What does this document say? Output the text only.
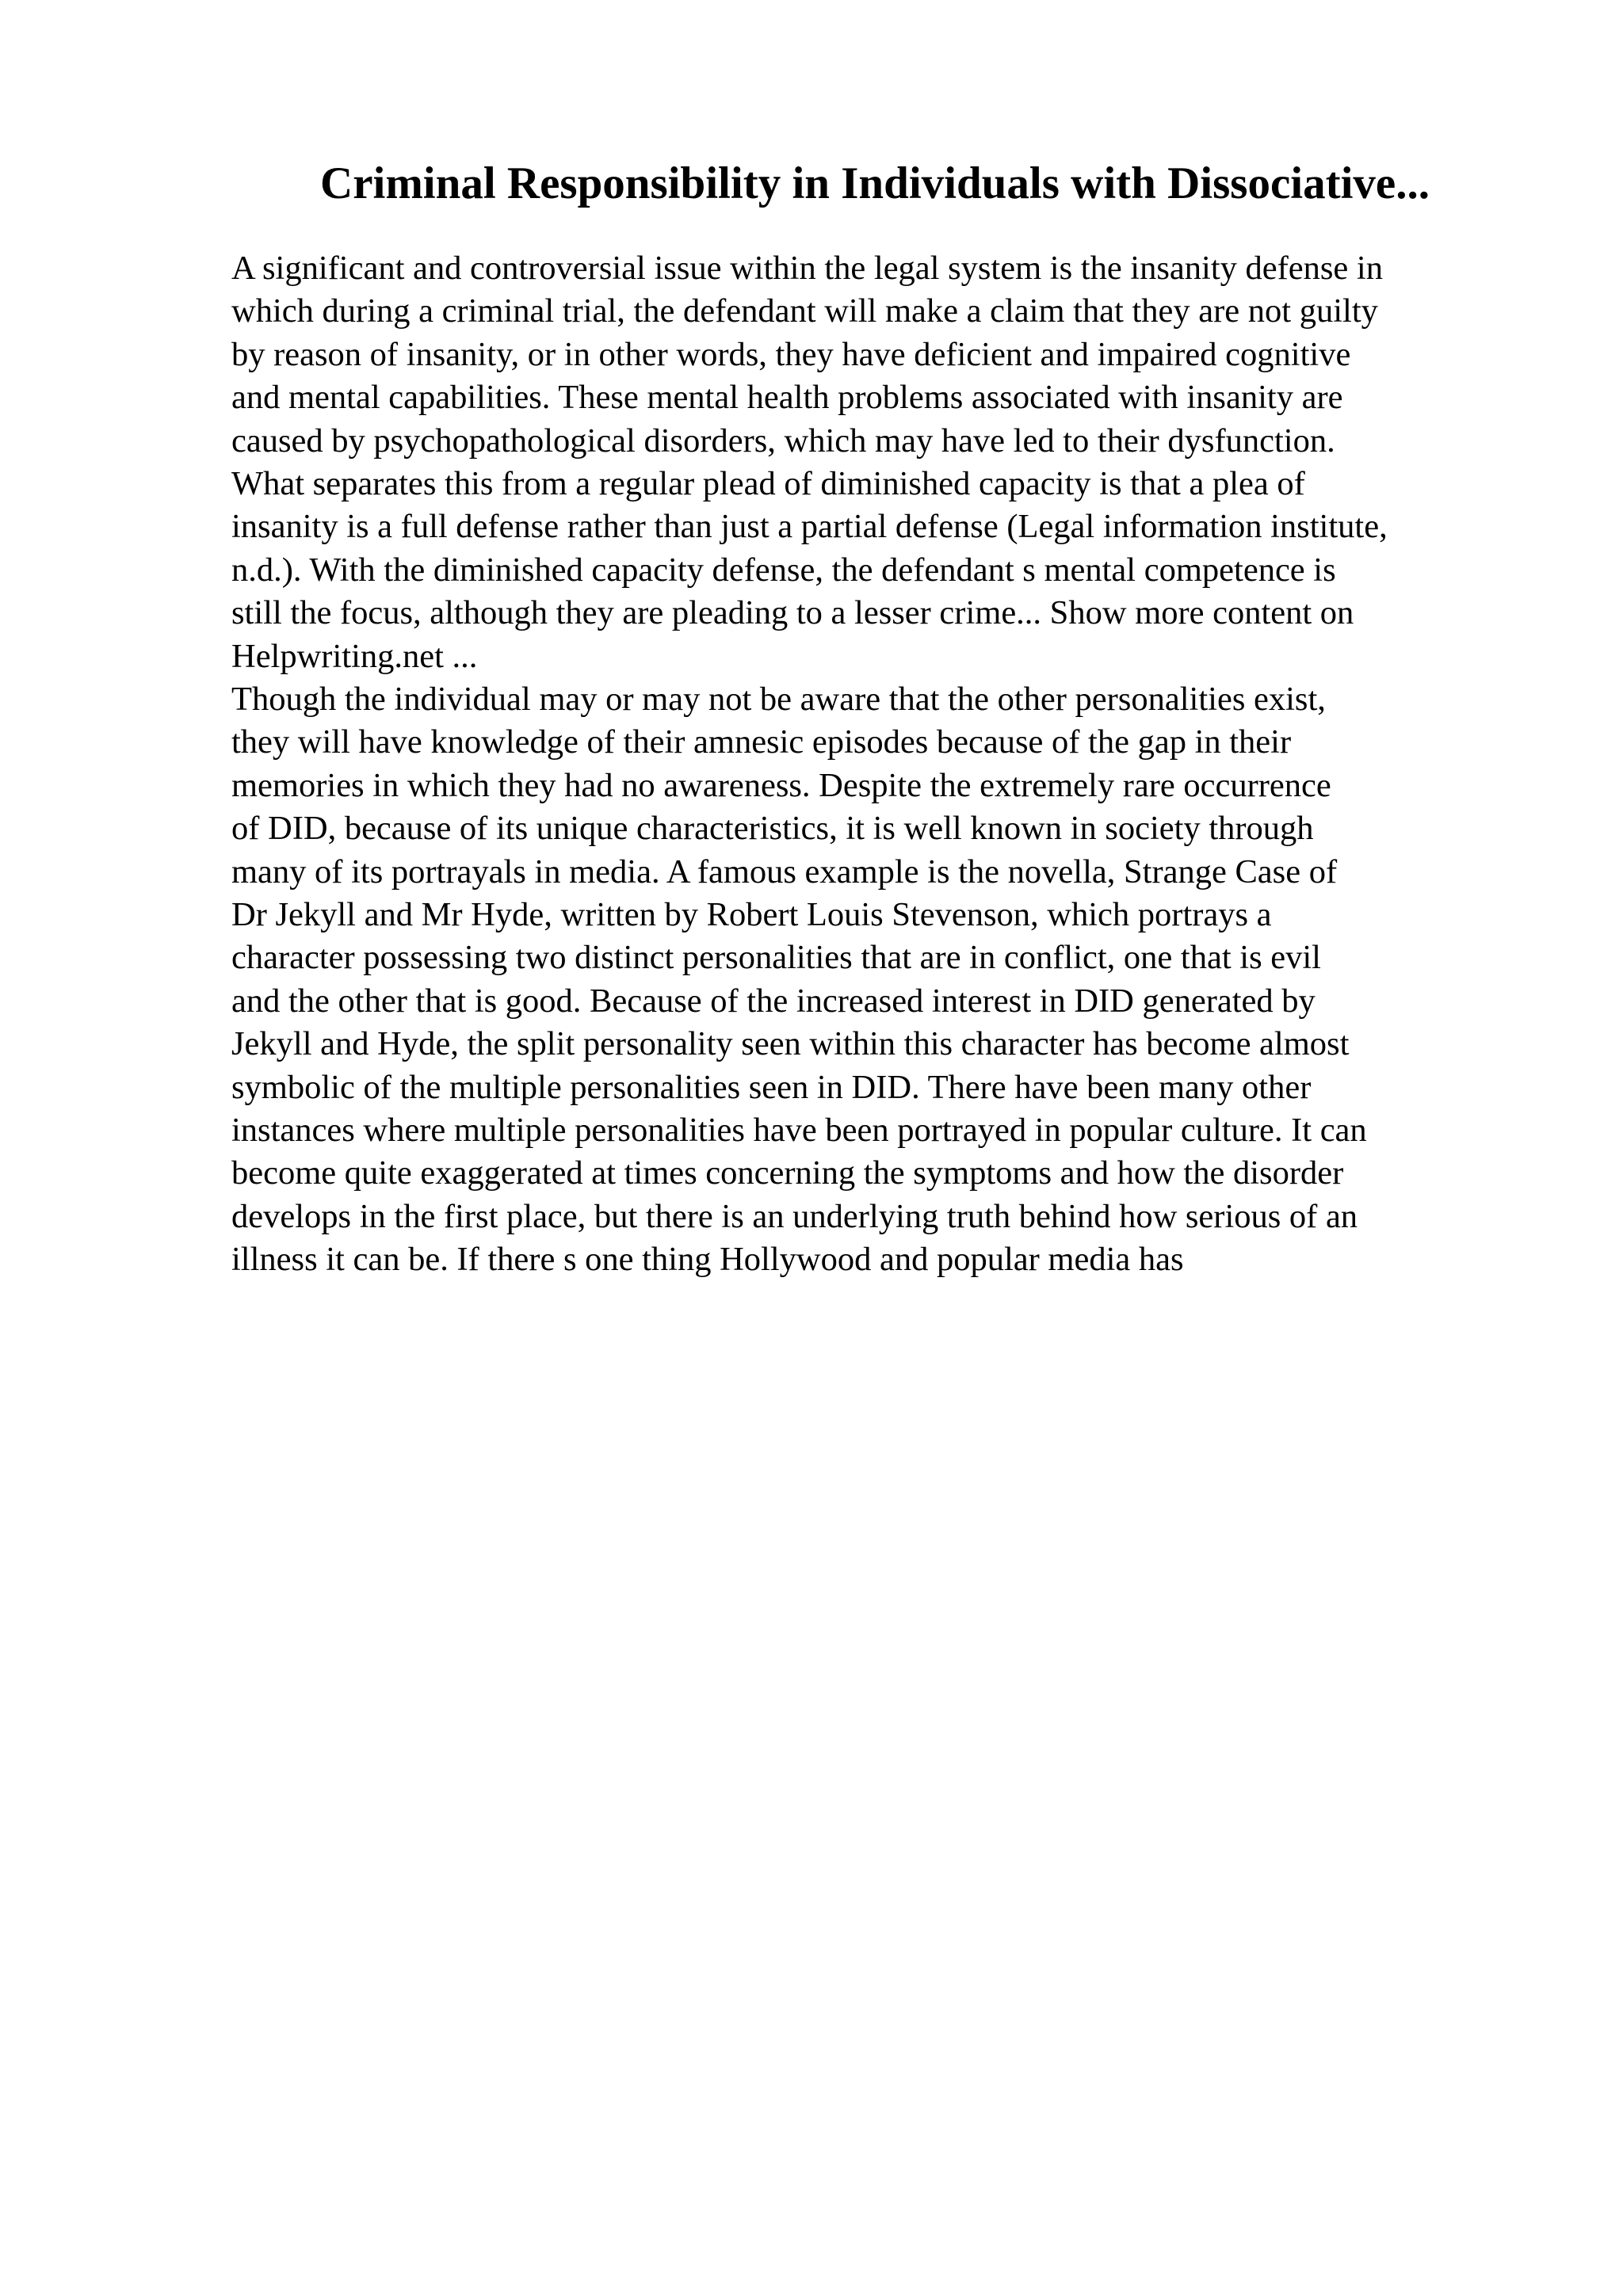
Criminal Responsibility in Individuals with Dissociative...

A significant and controversial issue within the legal system is the insanity defense in
which during a criminal trial, the defendant will make a claim that they are not guilty
by reason of insanity, or in other words, they have deficient and impaired cognitive
and mental capabilities. These mental health problems associated with insanity are
caused by psychopathological disorders, which may have led to their dysfunction.
What separates this from a regular plead of diminished capacity is that a plea of
insanity is a full defense rather than just a partial defense (Legal information institute,
n.d.). With the diminished capacity defense, the defendant s mental competence is
still the focus, although they are pleading to a lesser crime... Show more content on
Helpwriting.net ...

Though the individual may or may not be aware that the other personalities exist,
they will have knowledge of their amnesic episodes because of the gap in their
memories in which they had no awareness. Despite the extremely rare occurrence
of DID, because of its unique characteristics, it is well known in society through
many of its portrayals in media. A famous example is the novella, Strange Case of
Dr Jekyll and Mr Hyde, written by Robert Louis Stevenson, which portrays a
character possessing two distinct personalities that are in conflict, one that is evil
and the other that is good. Because of the increased interest in DID generated by
Jekyll and Hyde, the split personality seen within this character has become almost
symbolic of the multiple personalities seen in DID. There have been many other
instances where multiple personalities have been portrayed in popular culture. It can
become quite exaggerated at times concerning the symptoms and how the disorder
develops in the first place, but there is an underlying truth behind how serious of an
illness it can be. If there s one thing Hollywood and popular media has
